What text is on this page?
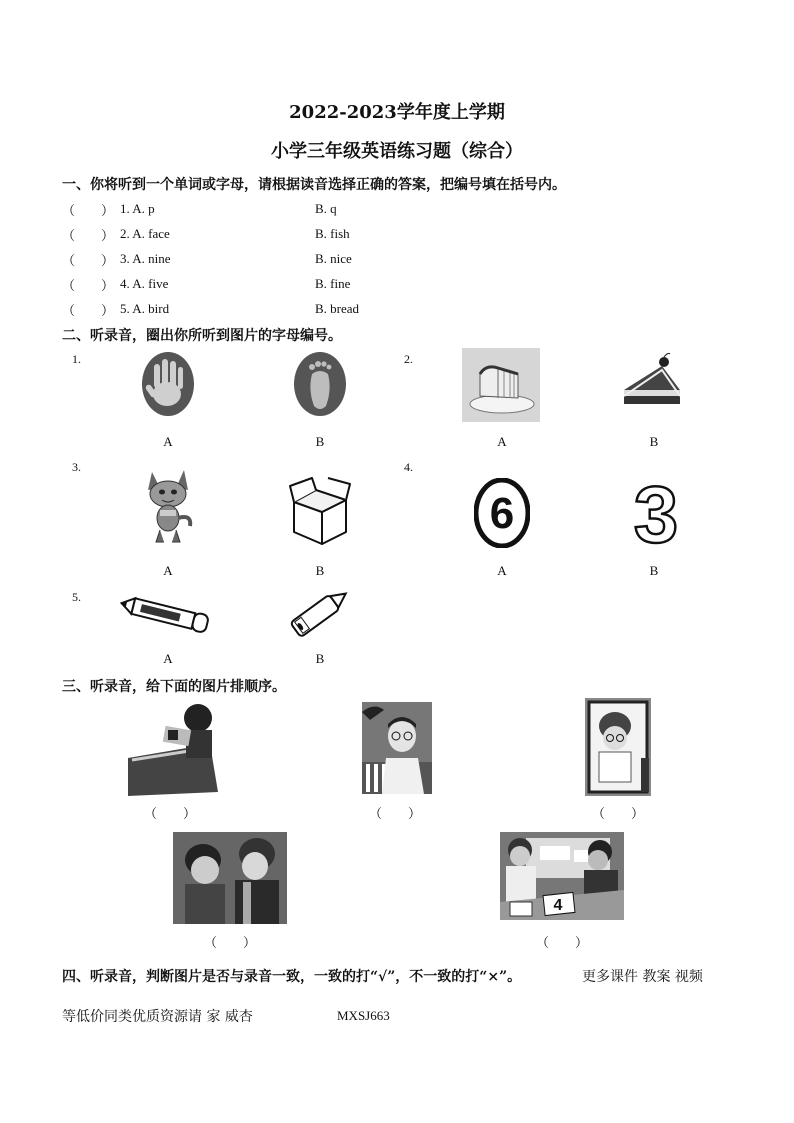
2022-2023学年度上学期
小学三年级英语练习题（综合）
一、你将听到一个单词或字母，请根据读音选择正确的答案，把编号填在括号内。
（　　） 1. A. p	B. q
（　　） 2. A. face	B. fish
（　　） 3. A. nine	B. nice
（　　） 4. A. five	B. fine
（　　） 5. A. bird	B. bread
二、听录音，圈出你所听到图片的字母编号。
1.	2.
3.	4.
5.
A	B	A	B
6 3
A	B	A	B
A	B
三、听录音，给下面的图片排顺序。
（　　）	（　　）	（　　）
4
（　　）	（　　）
四、听录音，判断图片是否与录音一致，一致的打“√”，不一致的打“×”。	更多课件 教案 视频
等低价同类优质资源请 家 威杏	MXSJ663
